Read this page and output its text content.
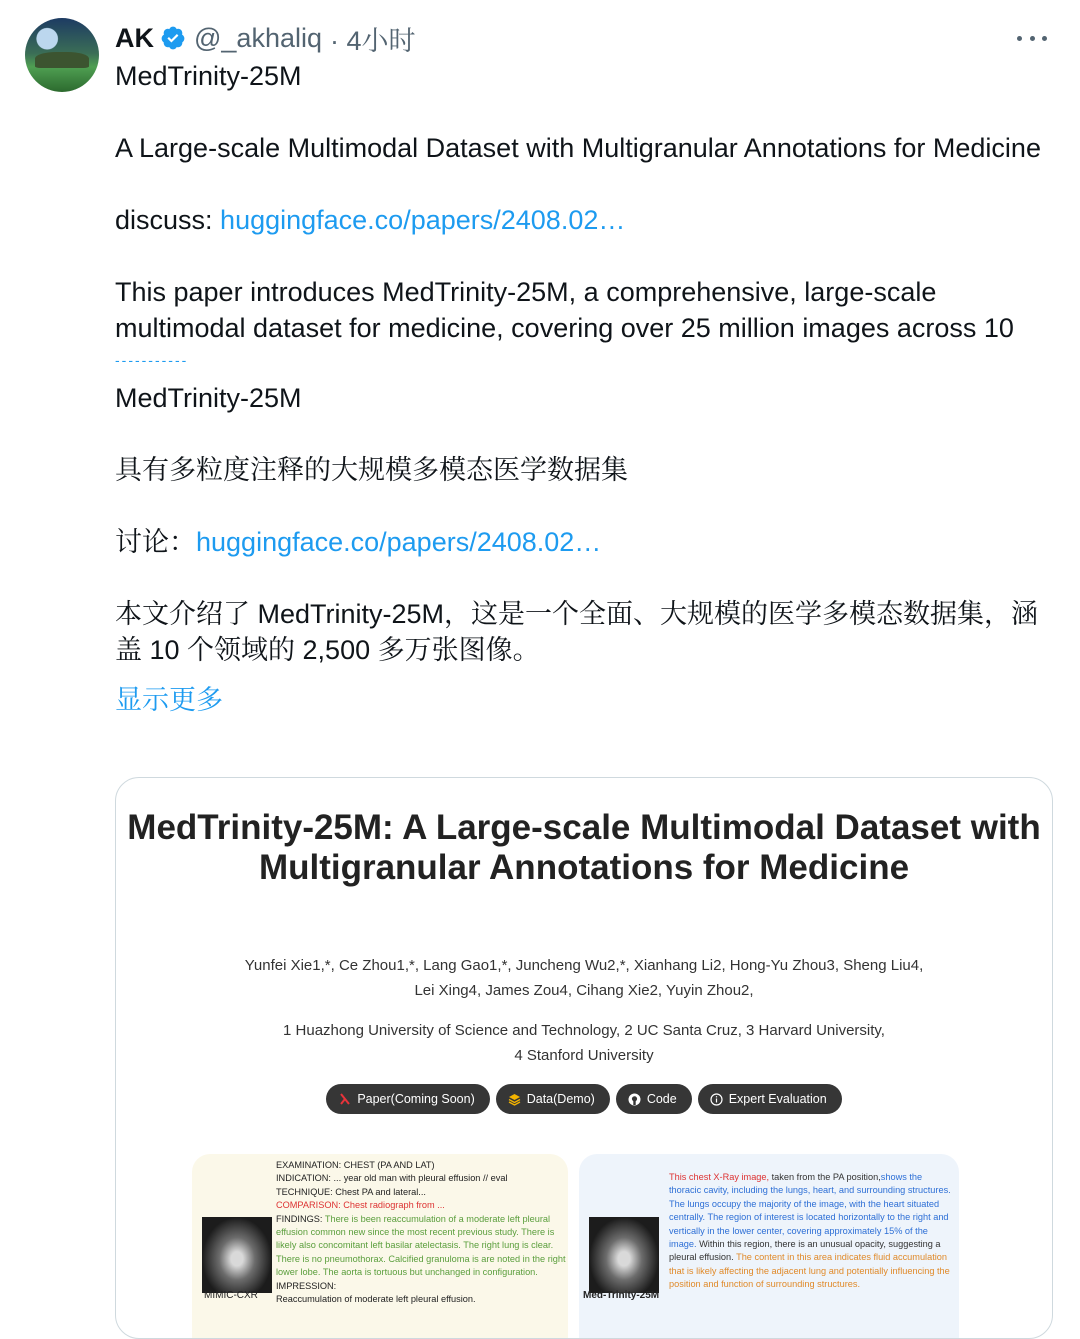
AK @_akhaliq · 4小时

MedTrinity-25M

A Large-scale Multimodal Dataset with Multigranular Annotations for Medicine

discuss: huggingface.co/papers/2408.02…

This paper introduces MedTrinity-25M, a comprehensive, large-scale multimodal dataset for medicine, covering over 25 million images across 10

-----------

MedTrinity-25M

具有多粒度注释的大规模多模态医学数据集

讨论：huggingface.co/papers/2408.02…

本文介绍了 MedTrinity-25M，这是一个全面、大规模的医学多模态数据集，涵盖 10 个领域的 2,500 多万张图像。

显示更多
MedTrinity-25M: A Large-scale Multimodal Dataset with Multigranular Annotations for Medicine
Yunfei Xie1,*, Ce Zhou1,*, Lang Gao1,*, Juncheng Wu2,*, Xianhang Li2, Hong-Yu Zhou3, Sheng Liu4,
Lei Xing4, James Zou4, Cihang Xie2, Yuyin Zhou2,
1 Huazhong University of Science and Technology, 2 UC Santa Cruz, 3 Harvard University,
4 Stanford University
Paper(Coming Soon)	Data(Demo)	Code	Expert Evaluation
MIMIC-CXR
EXAMINATION: CHEST (PA AND LAT)
INDICATION: ... year old man with pleural effusion // eval
TECHNIQUE: Chest PA and lateral...
COMPARISON: Chest radiograph from ...
FINDINGS: There is been reaccumulation of a moderate left pleural effusion common new since the most recent previous study. There is likely also concomitant left basilar atelectasis. The right lung is clear. There is no pneumothorax. Calcified granuloma is are noted in the right lower lobe. The aorta is tortuous but unchanged in configuration.
IMPRESSION:
Reaccumulation of moderate left pleural effusion.	Med-Trinity-25M
This chest X-Ray image, taken from the PA position,shows the thoracic cavity, including the lungs, heart, and surrounding structures. The lungs occupy the majority of the image, with the heart situated centrally. The region of interest is located horizontally to the right and vertically in the lower center, covering approximately 15% of the image. Within this region, there is an unusual opacity, suggesting a pleural effusion. The content in this area indicates fluid accumulation that is likely affecting the adjacent lung and potentially influencing the position and function of surrounding structures.
